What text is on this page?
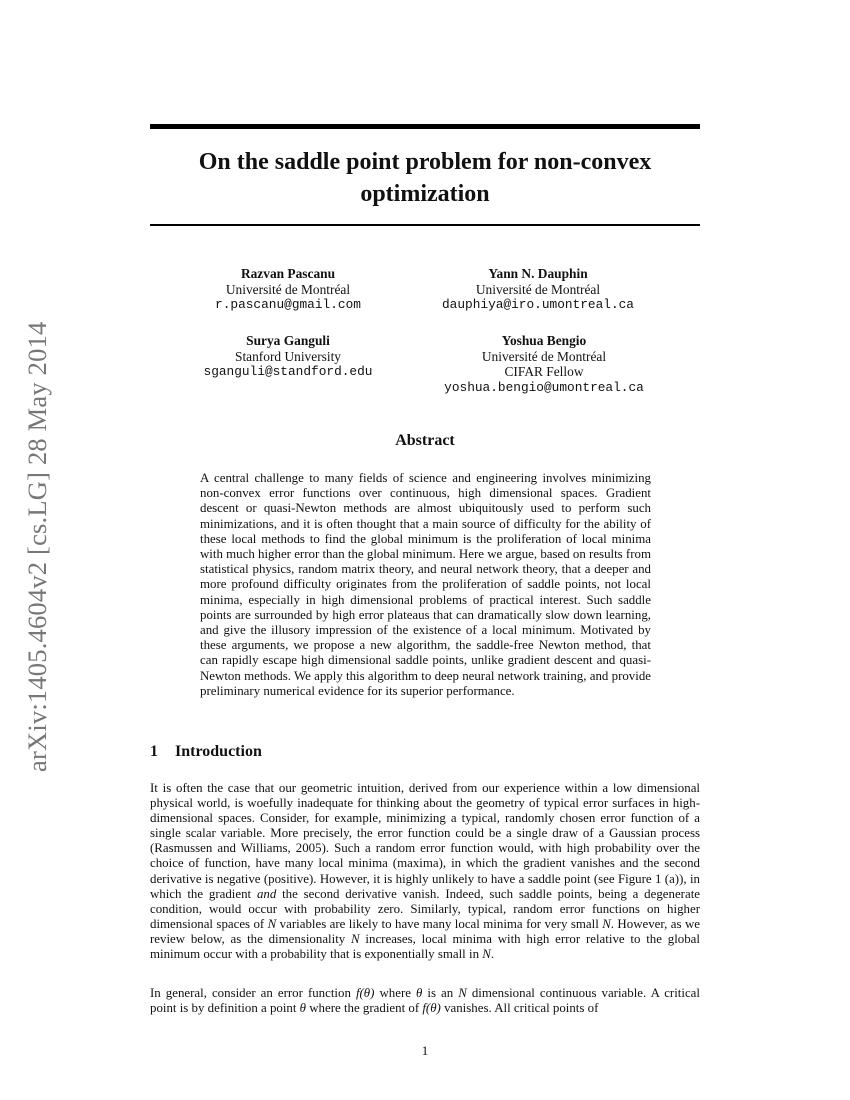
arXiv:1405.4604v2 [cs.LG] 28 May 2014
On the saddle point problem for non-convex
optimization
Razvan Pascanu
Université de Montréal
r.pascanu@gmail.com
Yann N. Dauphin
Université de Montréal
dauphiya@iro.umontreal.ca
Surya Ganguli
Stanford University
sganguli@standford.edu
Yoshua Bengio
Université de Montréal
CIFAR Fellow
yoshua.bengio@umontreal.ca
Abstract

A central challenge to many fields of science and engineering involves minimizing non-convex error functions over continuous, high dimensional spaces. Gradient descent or quasi-Newton methods are almost ubiquitously used to perform such minimizations, and it is often thought that a main source of difficulty for the ability of these local methods to find the global minimum is the proliferation of local minima with much higher error than the global minimum. Here we argue, based on results from statistical physics, random matrix theory, and neural network theory, that a deeper and more profound difficulty originates from the proliferation of saddle points, not local minima, especially in high dimensional problems of practical interest. Such saddle points are surrounded by high error plateaus that can dramatically slow down learning, and give the illusory impression of the existence of a local minimum. Motivated by these arguments, we propose a new algorithm, the saddle-free Newton method, that can rapidly escape high dimensional saddle points, unlike gradient descent and quasi-Newton methods. We apply this algorithm to deep neural network training, and provide preliminary numerical evidence for its superior performance.

1 Introduction

It is often the case that our geometric intuition, derived from our experience within a low dimensional physical world, is woefully inadequate for thinking about the geometry of typical error surfaces in high-dimensional spaces. Consider, for example, minimizing a typical, randomly chosen error function of a single scalar variable. More precisely, the error function could be a single draw of a Gaussian process (Rasmussen and Williams, 2005). Such a random error function would, with high probability over the choice of function, have many local minima (maxima), in which the gradient vanishes and the second derivative is negative (positive). However, it is highly unlikely to have a saddle point (see Figure 1 (a)), in which the gradient and the second derivative vanish. Indeed, such saddle points, being a degenerate condition, would occur with probability zero. Similarly, typical, random error functions on higher dimensional spaces of N variables are likely to have many local minima for very small N. However, as we review below, as the dimensionality N increases, local minima with high error relative to the global minimum occur with a probability that is exponentially small in N.

In general, consider an error function f(θ) where θ is an N dimensional continuous variable. A critical point is by definition a point θ where the gradient of f(θ) vanishes. All critical points of

1
